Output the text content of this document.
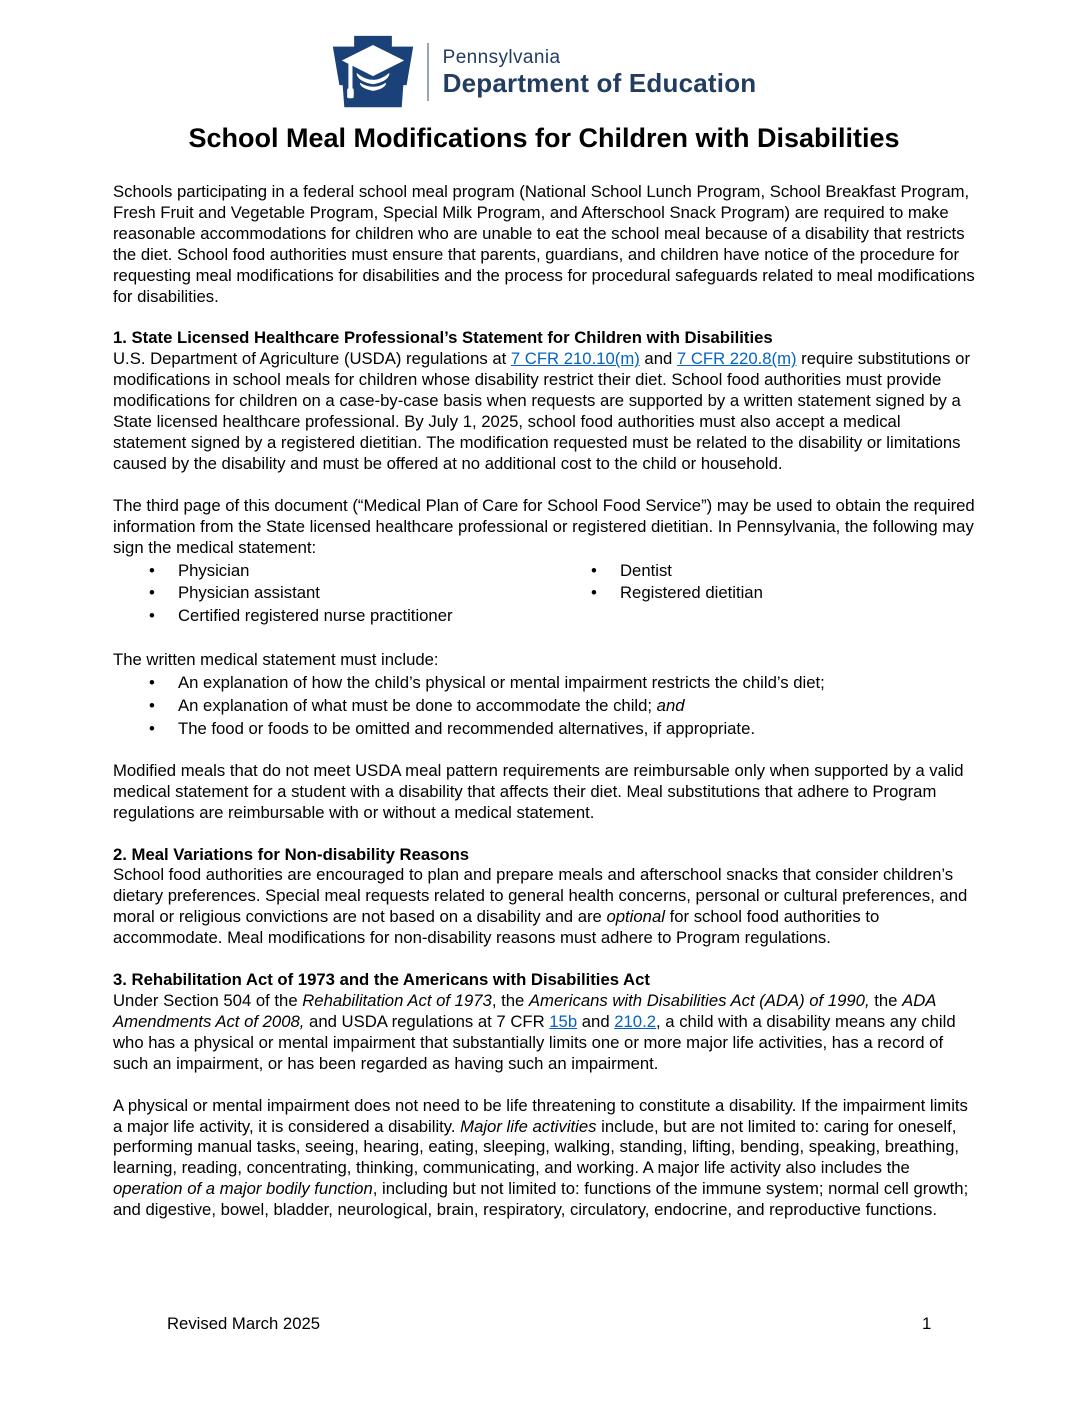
Pennsylvania
Department of Education
School Meal Modifications for Children with Disabilities

Schools participating in a federal school meal program (National School Lunch Program, School Breakfast Program, Fresh Fruit and Vegetable Program, Special Milk Program, and Afterschool Snack Program) are required to make reasonable accommodations for children who are unable to eat the school meal because of a disability that restricts the diet. School food authorities must ensure that parents, guardians, and children have notice of the procedure for requesting meal modifications for disabilities and the process for procedural safeguards related to meal modifications for disabilities.

1. State Licensed Healthcare Professional’s Statement for Children with Disabilities

U.S. Department of Agriculture (USDA) regulations at 7 CFR 210.10(m) and 7 CFR 220.8(m) require substitutions or modifications in school meals for children whose disability restrict their diet. School food authorities must provide modifications for children on a case-by-case basis when requests are supported by a written statement signed by a State licensed healthcare professional. By July 1, 2025, school food authorities must also accept a medical statement signed by a registered dietitian. The modification requested must be related to the disability or limitations caused by the disability and must be offered at no additional cost to the child or household.

The third page of this document (“Medical Plan of Care for School Food Service”) may be used to obtain the required information from the State licensed healthcare professional or registered dietitian. In Pennsylvania, the following may sign the medical statement:

• Physician
• Physician assistant
• Certified registered nurse practitioner
• Dentist
• Registered dietitian

The written medical statement must include:

• An explanation of how the child’s physical or mental impairment restricts the child’s diet;
• An explanation of what must be done to accommodate the child; and
• The food or foods to be omitted and recommended alternatives, if appropriate.

Modified meals that do not meet USDA meal pattern requirements are reimbursable only when supported by a valid medical statement for a student with a disability that affects their diet. Meal substitutions that adhere to Program regulations are reimbursable with or without a medical statement.

2. Meal Variations for Non-disability Reasons

School food authorities are encouraged to plan and prepare meals and afterschool snacks that consider children’s dietary preferences. Special meal requests related to general health concerns, personal or cultural preferences, and moral or religious convictions are not based on a disability and are optional for school food authorities to accommodate. Meal modifications for non-disability reasons must adhere to Program regulations.

3. Rehabilitation Act of 1973 and the Americans with Disabilities Act

Under Section 504 of the Rehabilitation Act of 1973, the Americans with Disabilities Act (ADA) of 1990, the ADA Amendments Act of 2008, and USDA regulations at 7 CFR 15b and 210.2, a child with a disability means any child who has a physical or mental impairment that substantially limits one or more major life activities, has a record of such an impairment, or has been regarded as having such an impairment.

A physical or mental impairment does not need to be life threatening to constitute a disability. If the impairment limits a major life activity, it is considered a disability. Major life activities include, but are not limited to: caring for oneself, performing manual tasks, seeing, hearing, eating, sleeping, walking, standing, lifting, bending, speaking, breathing, learning, reading, concentrating, thinking, communicating, and working. A major life activity also includes the operation of a major bodily function, including but not limited to: functions of the immune system; normal cell growth; and digestive, bowel, bladder, neurological, brain, respiratory, circulatory, endocrine, and reproductive functions.

Revised March 2025	1
